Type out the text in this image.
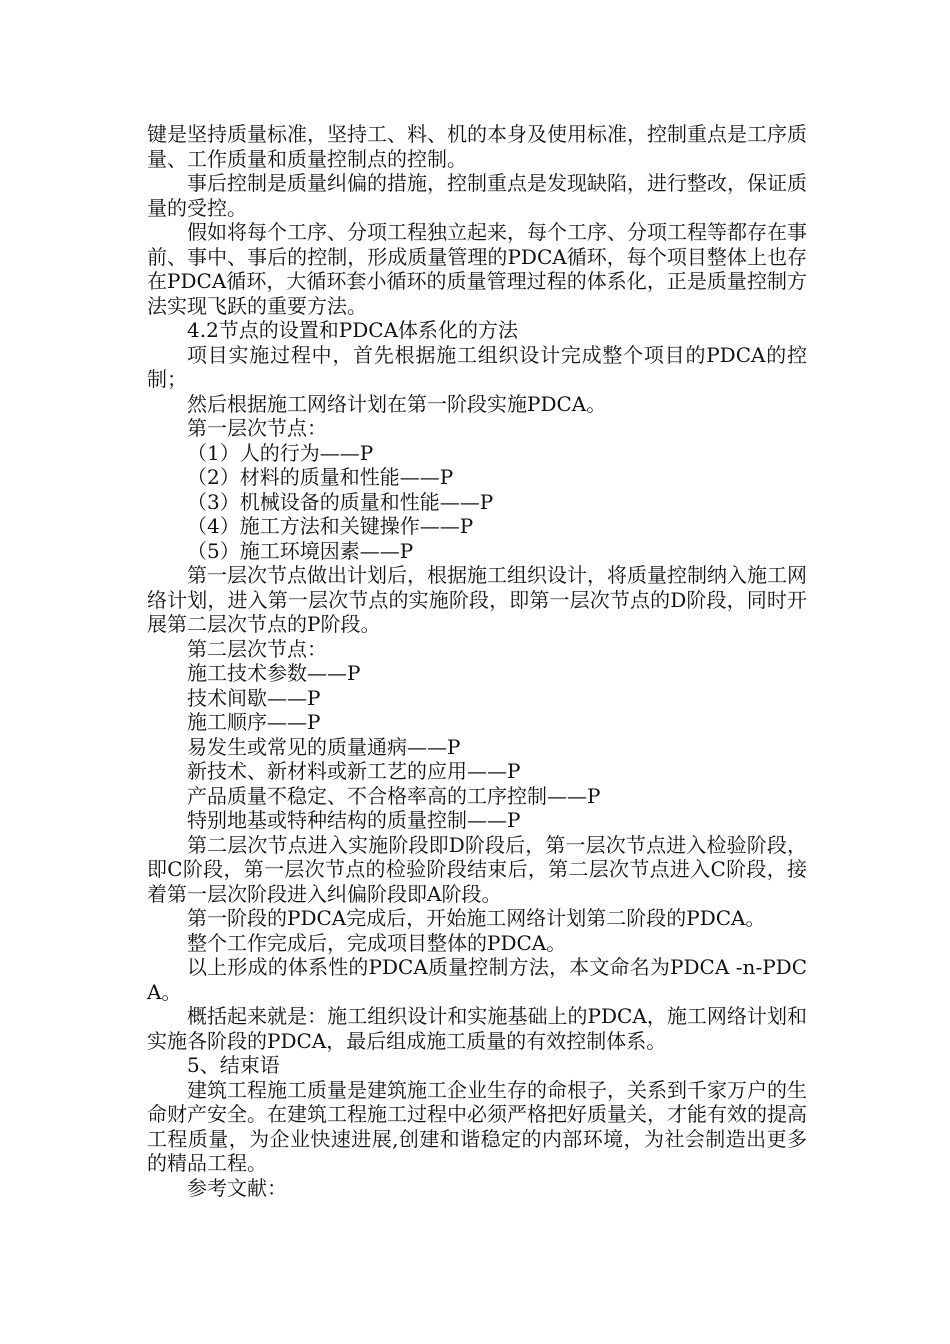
键是坚持质量标准，坚持工、料、机的本身及使用标准，控制重点是工序质量、工作质量和质量控制点的控制。

事后控制是质量纠偏的措施，控制重点是发现缺陷，进行整改，保证质量的受控。

假如将每个工序、分项工程独立起来，每个工序、分项工程等都存在事前、事中、事后的控制，形成质量管理的PDCA循环，每个项目整体上也存在PDCA循环，大循环套小循环的质量管理过程的体系化，正是质量控制方法实现飞跃的重要方法。

4.2节点的设置和PDCA体系化的方法

项目实施过程中，首先根据施工组织设计完成整个项目的PDCA的控制；

然后根据施工网络计划在第一阶段实施PDCA。

第一层次节点：

（1）人的行为——P

（2）材料的质量和性能——P

（3）机械设备的质量和性能——P

（4）施工方法和关键操作——P

（5）施工环境因素——P

第一层次节点做出计划后，根据施工组织设计，将质量控制纳入施工网络计划，进入第一层次节点的实施阶段，即第一层次节点的D阶段，同时开展第二层次节点的P阶段。

第二层次节点：

施工技术参数——P

技术间歇——P

施工顺序——P

易发生或常见的质量通病——P

新技术、新材料或新工艺的应用——P

产品质量不稳定、不合格率高的工序控制——P

特别地基或特种结构的质量控制——P

第二层次节点进入实施阶段即D阶段后，第一层次节点进入检验阶段，即C阶段，第一层次节点的检验阶段结束后，第二层次节点进入C阶段，接着第一层次阶段进入纠偏阶段即A阶段。

第一阶段的PDCA完成后，开始施工网络计划第二阶段的PDCA。

整个工作完成后，完成项目整体的PDCA。

以上形成的体系性的PDCA质量控制方法，本文命名为PDCA -n-PDCA。

概括起来就是：施工组织设计和实施基础上的PDCA，施工网络计划和实施各阶段的PDCA，最后组成施工质量的有效控制体系。

5、结束语

建筑工程施工质量是建筑施工企业生存的命根子，关系到千家万户的生命财产安全。在建筑工程施工过程中必须严格把好质量关，才能有效的提高工程质量，为企业快速进展,创建和谐稳定的内部环境，为社会制造出更多的精品工程。

参考文献：
